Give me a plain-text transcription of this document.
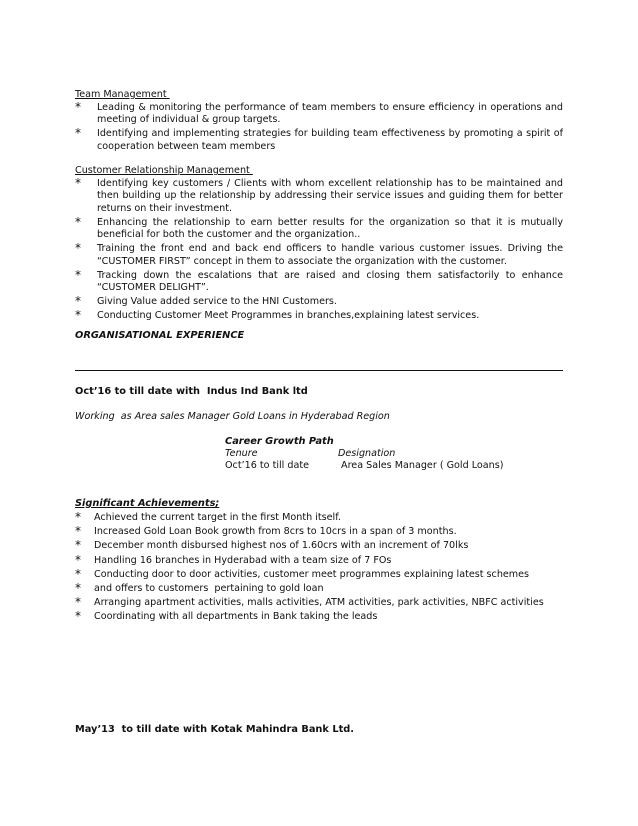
Team Management
* Leading & monitoring the performance of team members to ensure efficiency in operations and meeting of individual & group targets.
* Identifying and implementing strategies for building team effectiveness by promoting a spirit of cooperation between team members
Customer Relationship Management
* Identifying key customers / Clients with whom excellent relationship has to be maintained and then building up the relationship by addressing their service issues and guiding them for better returns on their investment.
* Enhancing the relationship to earn better results for the organization so that it is mutually beneficial for both the customer and the organization..
* Training the front end and back end officers to handle various customer issues. Driving the “CUSTOMER FIRST” concept in them to associate the organization with the customer.
* Tracking down the escalations that are raised and closing them satisfactorily to enhance “CUSTOMER DELIGHT”.
* Giving Value added service to the HNI Customers.
* Conducting Customer Meet Programmes in branches,explaining latest services.
ORGANISATIONAL EXPERIENCE
Oct’16 to till date with  Indus Ind Bank ltd
Working  as Area sales Manager Gold Loans in Hyderabad Region
Career Growth Path
Tenure	Designation
Oct’16 to till date	Area Sales Manager ( Gold Loans)
Significant Achievements;
* Achieved the current target in the first Month itself.
* Increased Gold Loan Book growth from 8crs to 10crs in a span of 3 months.
* December month disbursed highest nos of 1.60crs with an increment of 70lks
* Handling 16 branches in Hyderabad with a team size of 7 FOs
* Conducting door to door activities, customer meet programmes explaining latest schemes
* and offers to customers  pertaining to gold loan
* Arranging apartment activities, malls activities, ATM activities, park activities, NBFC activities
* Coordinating with all departments in Bank taking the leads
May’13  to till date with Kotak Mahindra Bank Ltd.
